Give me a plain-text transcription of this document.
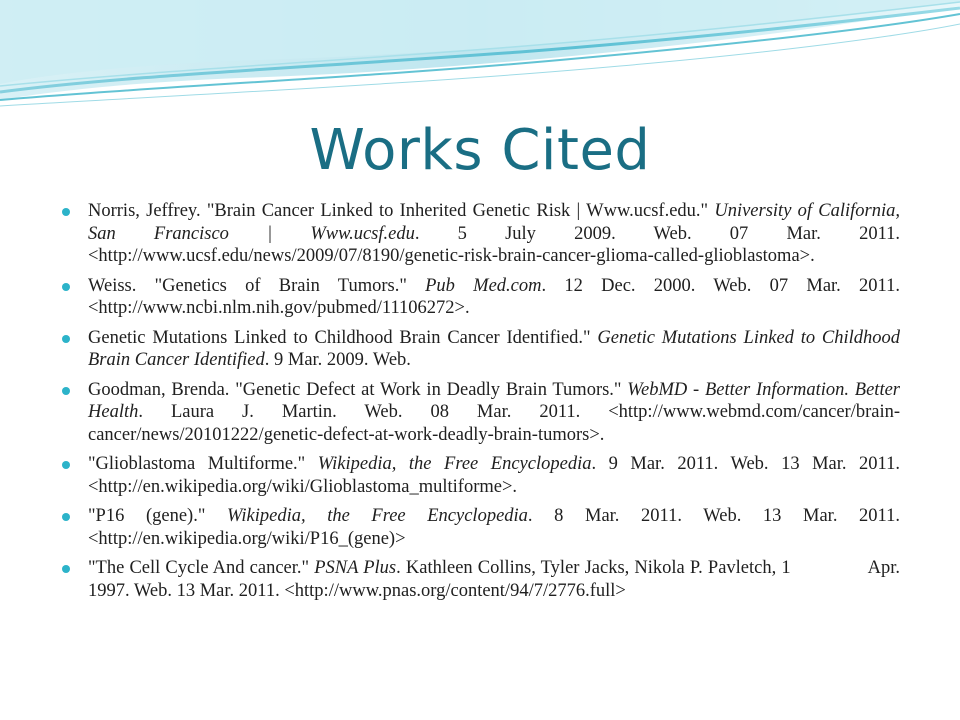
Works Cited
Norris, Jeffrey. "Brain Cancer Linked to Inherited Genetic Risk | Www.ucsf.edu." University of California, San Francisco | Www.ucsf.edu. 5 July 2009. Web. 07 Mar. 2011. <http://www.ucsf.edu/news/2009/07/8190/genetic-risk-brain-cancer-glioma-called-glioblastoma>.
Weiss. "Genetics of Brain Tumors." Pub Med.com. 12 Dec. 2000. Web. 07 Mar. 2011. <http://www.ncbi.nlm.nih.gov/pubmed/11106272>.
Genetic Mutations Linked to Childhood Brain Cancer Identified." Genetic Mutations Linked to Childhood Brain Cancer Identified. 9 Mar. 2009. Web.
Goodman, Brenda. "Genetic Defect at Work in Deadly Brain Tumors." WebMD - Better Information. Better Health. Laura J. Martin. Web. 08 Mar. 2011. <http://www.webmd.com/cancer/brain-cancer/news/20101222/genetic-defect-at-work-deadly-brain-tumors>.
"Glioblastoma Multiforme." Wikipedia, the Free Encyclopedia. 9 Mar. 2011. Web. 13 Mar. 2011. <http://en.wikipedia.org/wiki/Glioblastoma_multiforme>.
"P16 (gene)." Wikipedia, the Free Encyclopedia. 8 Mar. 2011. Web. 13 Mar. 2011. <http://en.wikipedia.org/wiki/P16_(gene)>
"The Cell Cycle And cancer." PSNA Plus. Kathleen Collins, Tyler Jacks, Nikola P. Pavletch, 1               Apr. 1997. Web. 13 Mar. 2011. <http://www.pnas.org/content/94/7/2776.full>
